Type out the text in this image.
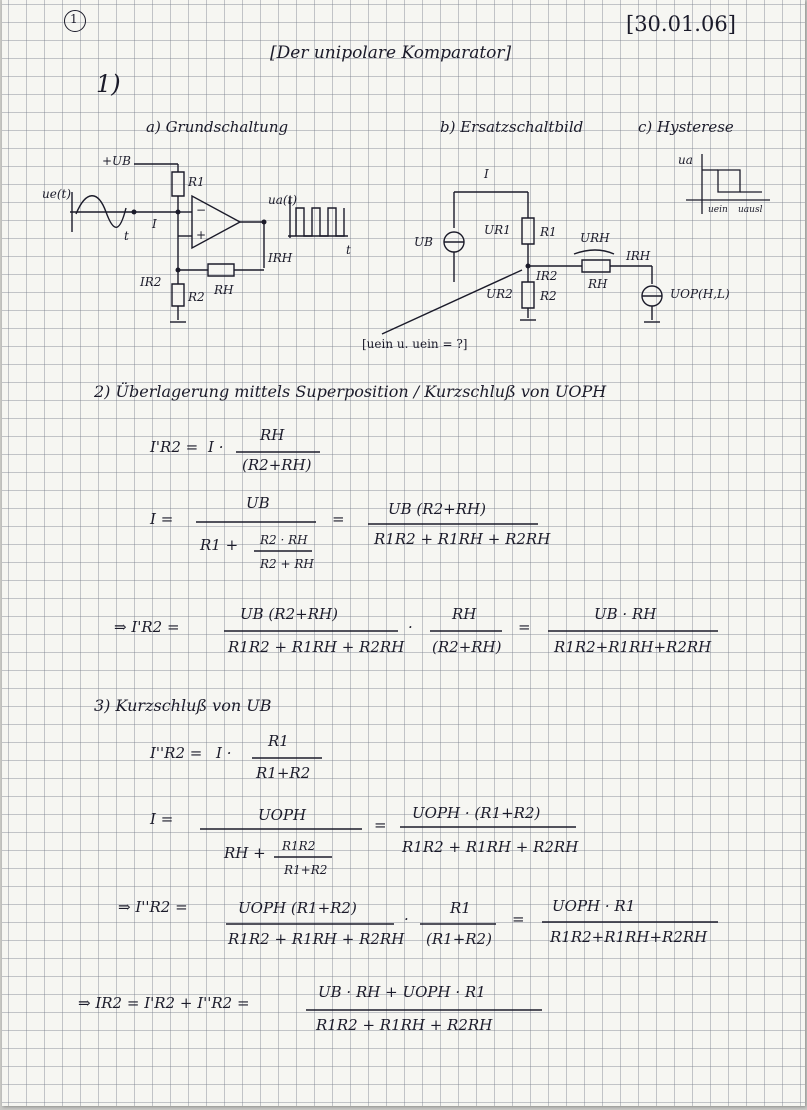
1	[30.01.06]
[Der unipolare Komparator]
1)
a) Grundschaltung	b) Ersatzschaltbild	c) Hysterese
+UB
R1
ue(t)
I
t
−
+
ua(t)
t
IRH
IR2
R2 RH
I
UB
UR1 R1 URH
IRH
IR2
RH
UR2 R2	UOP(H,L)
[uein u. uein = ?]
ua
uein uausl
2) Überlagerung mittels Superposition / Kurzschluß von UOPH
I'R2 = I ·
RH
(R2+RH)
I =
UB
R1 + R2 · RH
R2 + RH
=
UB (R2+RH)
R1R2 + R1RH + R2RH
⇒ I'R2 =
UB (R2+RH)
R1R2 + R1RH + R2RH
·
RH
(R2+RH)
=
UB · RH
R1R2+R1RH+R2RH
3) Kurzschluß von UB
I''R2 = I ·
R1
R1+R2
I =	UOPH
RH + R1R2
R1+R2
=
UOPH · (R1+R2)
R1R2 + R1RH + R2RH
⇒ I''R2 =	UOPH (R1+R2)
R1R2 + R1RH + R2RH
·
R1
(R1+R2)
=
UOPH · R1
R1R2+R1RH+R2RH
⇒ IR2 = I'R2 + I''R2 =
UB · RH + UOPH · R1
R1R2 + R1RH + R2RH
